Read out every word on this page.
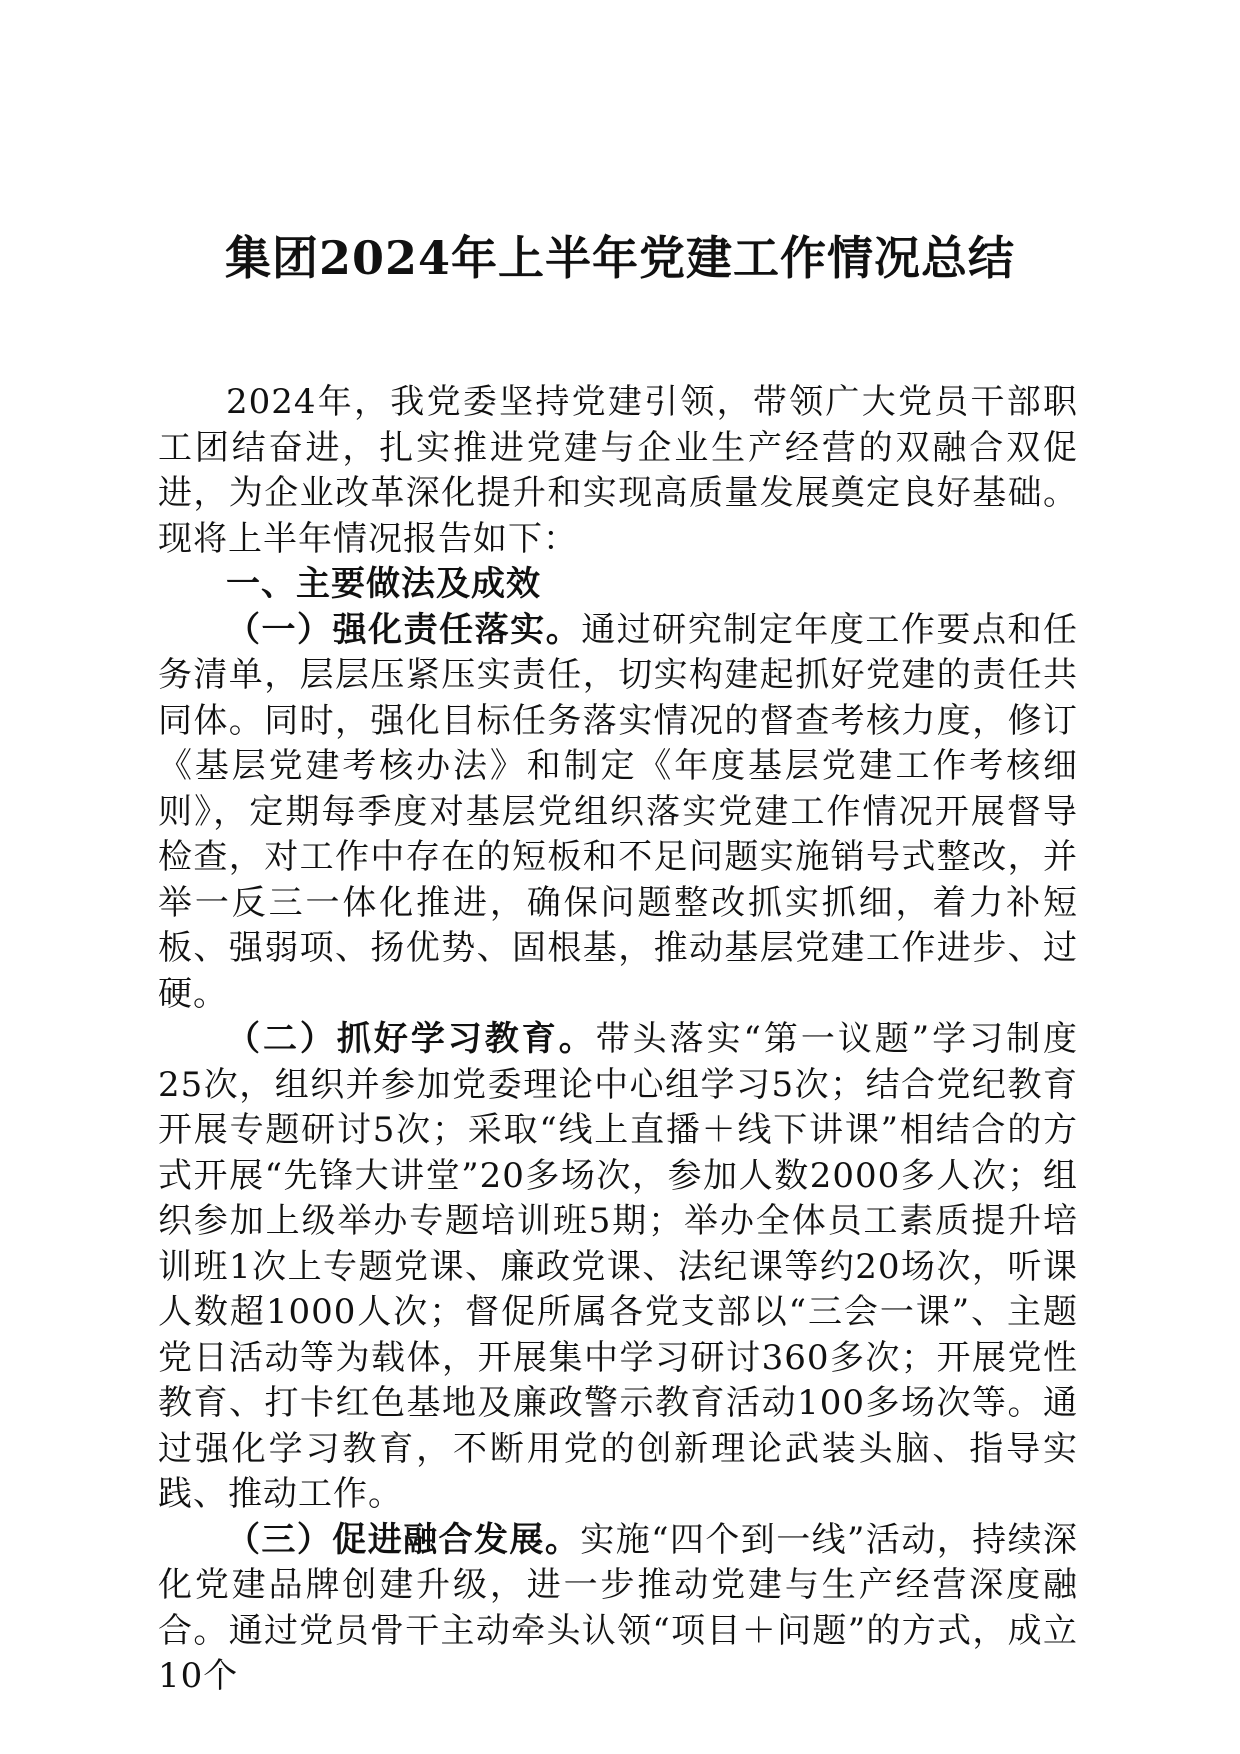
集团2024年上半年党建工作情况总结

2024年，我党委坚持党建引领，带领广大党员干部职工团结奋进，扎实推进党建与企业生产经营的双融合双促进，为企业改革深化提升和实现高质量发展奠定良好基础。现将上半年情况报告如下：

一、主要做法及成效

（一）强化责任落实。通过研究制定年度工作要点和任务清单，层层压紧压实责任，切实构建起抓好党建的责任共同体。同时，强化目标任务落实情况的督查考核力度，修订《基层党建考核办法》和制定《年度基层党建工作考核细则》，定期每季度对基层党组织落实党建工作情况开展督导检查，对工作中存在的短板和不足问题实施销号式整改，并举一反三一体化推进，确保问题整改抓实抓细，着力补短板、强弱项、扬优势、固根基，推动基层党建工作进步、过硬。

（二）抓好学习教育。带头落实“第一议题”学习制度25次，组织并参加党委理论中心组学习5次；结合党纪教育开展专题研讨5次；采取“线上直播＋线下讲课”相结合的方式开展“先锋大讲堂”20多场次，参加人数2000多人次；组织参加上级举办专题培训班5期；举办全体员工素质提升培训班1次上专题党课、廉政党课、法纪课等约20场次，听课人数超1000人次；督促所属各党支部以“三会一课”、主题党日活动等为载体，开展集中学习研讨360多次；开展党性教育、打卡红色基地及廉政警示教育活动100多场次等。通过强化学习教育，不断用党的创新理论武装头脑、指导实践、推动工作。

（三）促进融合发展。实施“四个到一线”活动，持续深化党建品牌创建升级，进一步推动党建与生产经营深度融合。通过党员骨干主动牵头认领“项目＋问题”的方式，成立10个
